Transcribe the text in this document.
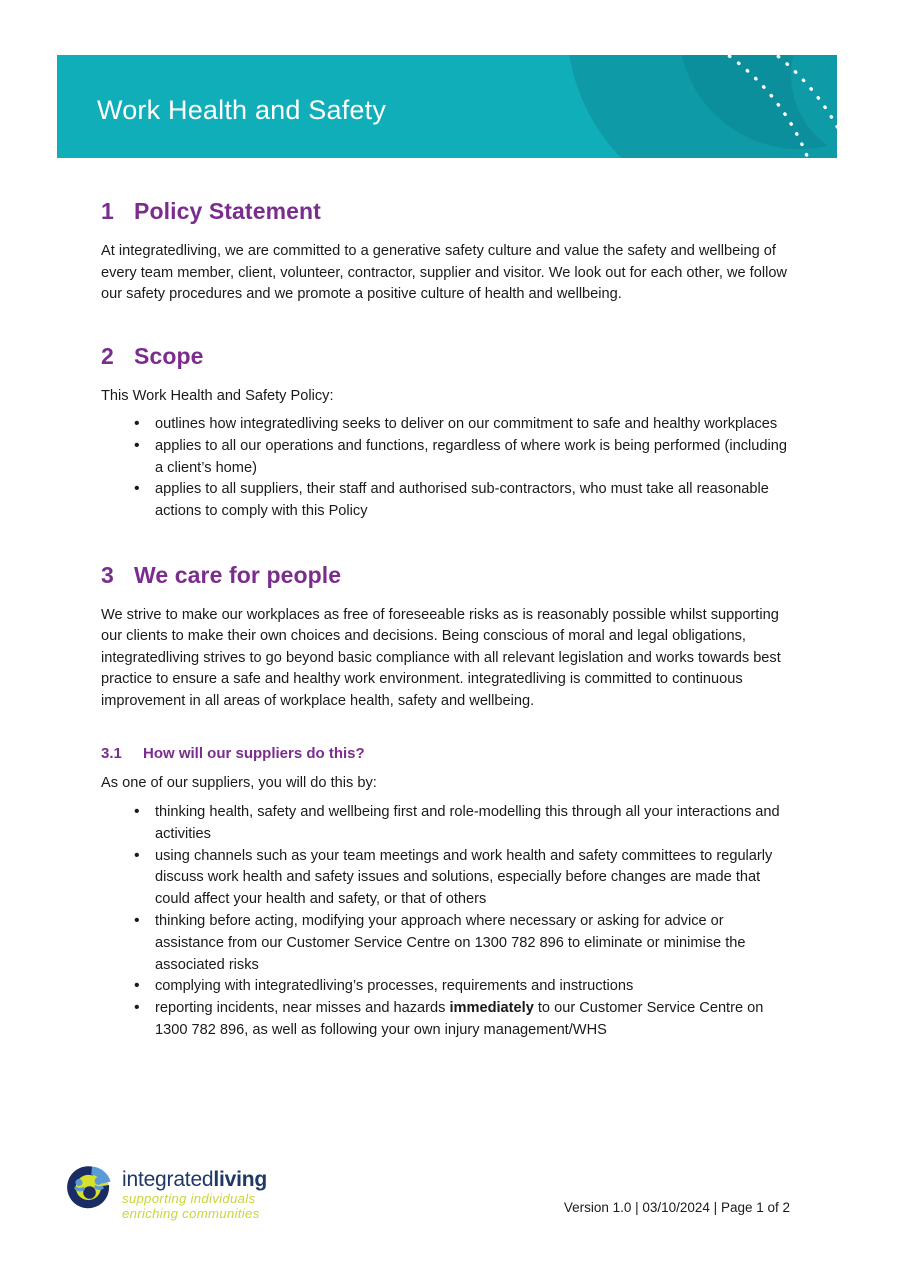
Work Health and Safety
1 Policy Statement

At integratedliving, we are committed to a generative safety culture and value the safety and wellbeing of every team member, client, volunteer, contractor, supplier and visitor. We look out for each other, we follow our safety procedures and we promote a positive culture of health and wellbeing.

2 Scope

This Work Health and Safety Policy:

• outlines how integratedliving seeks to deliver on our commitment to safe and healthy workplaces
• applies to all our operations and functions, regardless of where work is being performed (including a client’s home)
• applies to all suppliers, their staff and authorised sub-contractors, who must take all reasonable actions to comply with this Policy
3 We care for people

We strive to make our workplaces as free of foreseeable risks as is reasonably possible whilst supporting our clients to make their own choices and decisions. Being conscious of moral and legal obligations, integratedliving strives to go beyond basic compliance with all relevant legislation and works towards best practice to ensure a safe and healthy work environment. integratedliving is committed to continuous improvement in all areas of workplace health, safety and wellbeing.

3.1	How will our suppliers do this?

As one of our suppliers, you will do this by:

• thinking health, safety and wellbeing first and role-modelling this through all your interactions and activities
• using channels such as your team meetings and work health and safety committees to regularly discuss work health and safety issues and solutions, especially before changes are made that could affect your health and safety, or that of others
• thinking before acting, modifying your approach where necessary or asking for advice or assistance from our Customer Service Centre on 1300 782 896 to eliminate or minimise the associated risks
• complying with integratedliving’s processes, requirements and instructions
• reporting incidents, near misses and hazards immediately to our Customer Service Centre on 1300 782 896, as well as following your own injury management/WHS
integratedliving
supporting individuals
enriching communities	Version 1.0 | 03/10/2024 | Page 1 of 2
